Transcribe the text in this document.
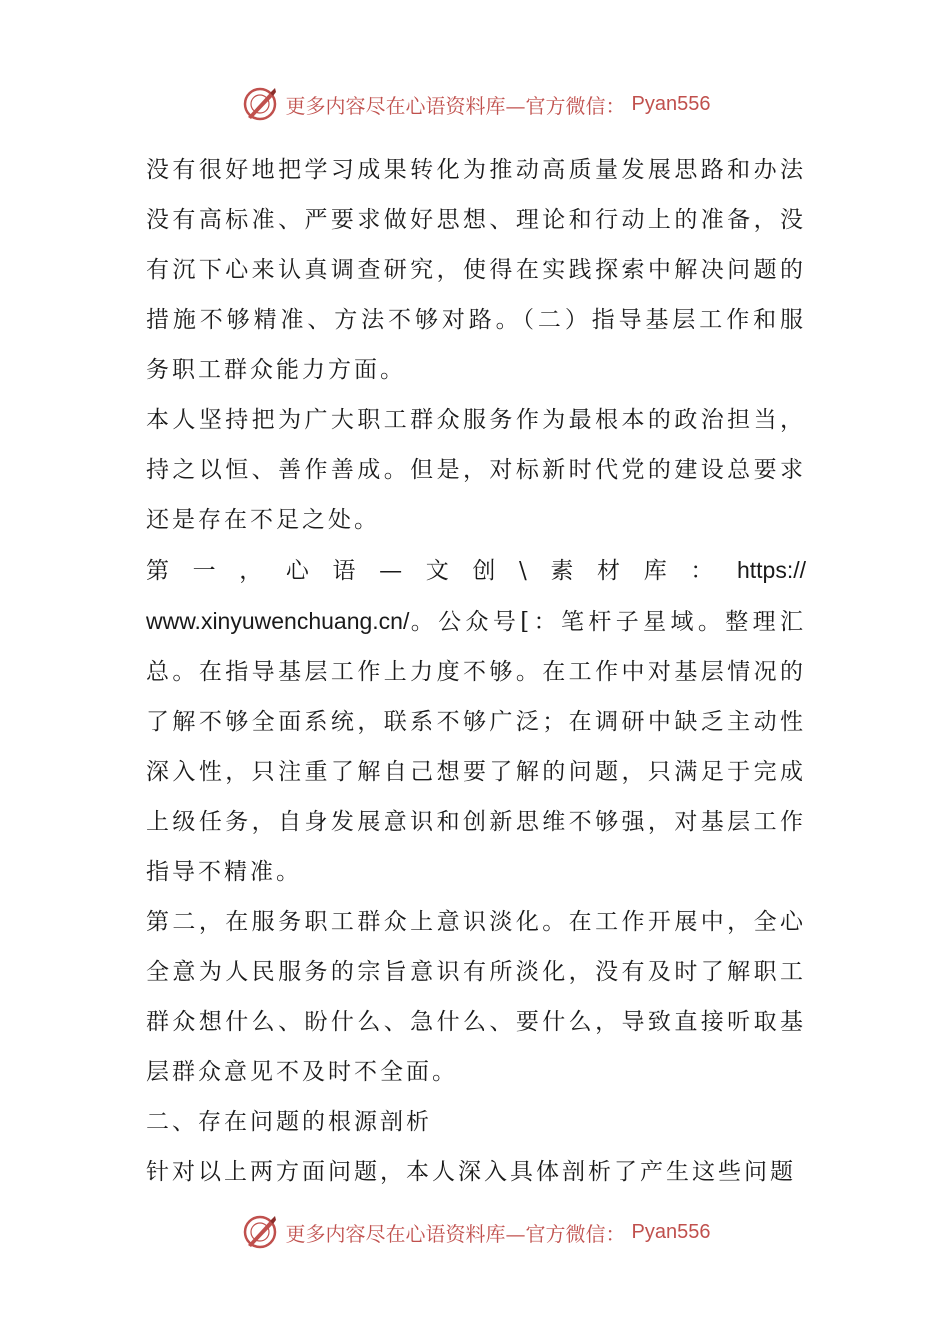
更多内容尽在心语资料库—官方微信： Pyan556

没有很好地把学习成果转化为推动高质量发展思路和办法没有高标准、严要求做好思想、理论和行动上的准备，没有沉下心来认真调查研究，使得在实践探索中解决问题的措施不够精准、方法不够对路。（二）指导基层工作和服务职工群众能力方面。

本人坚持把为广大职工群众服务作为最根本的政治担当，持之以恒、善作善成。但是，对标新时代党的建设总要求还是存在不足之处。

第一，心语—文创\素材库：https://

www.xinyuwenchuang.cn/。公众号[：笔杆子星域。整理汇总。在指导基层工作上力度不够。在工作中对基层情况的了解不够全面系统，联系不够广泛；在调研中缺乏主动性深入性，只注重了解自己想要了解的问题，只满足于完成上级任务，自身发展意识和创新思维不够强，对基层工作指导不精准。

第二，在服务职工群众上意识淡化。在工作开展中，全心全意为人民服务的宗旨意识有所淡化，没有及时了解职工群众想什么、盼什么、急什么、要什么，导致直接听取基层群众意见不及时不全面。

二、存在问题的根源剖析

针对以上两方面问题，本人深入具体剖析了产生这些问题

更多内容尽在心语资料库—官方微信： Pyan556
